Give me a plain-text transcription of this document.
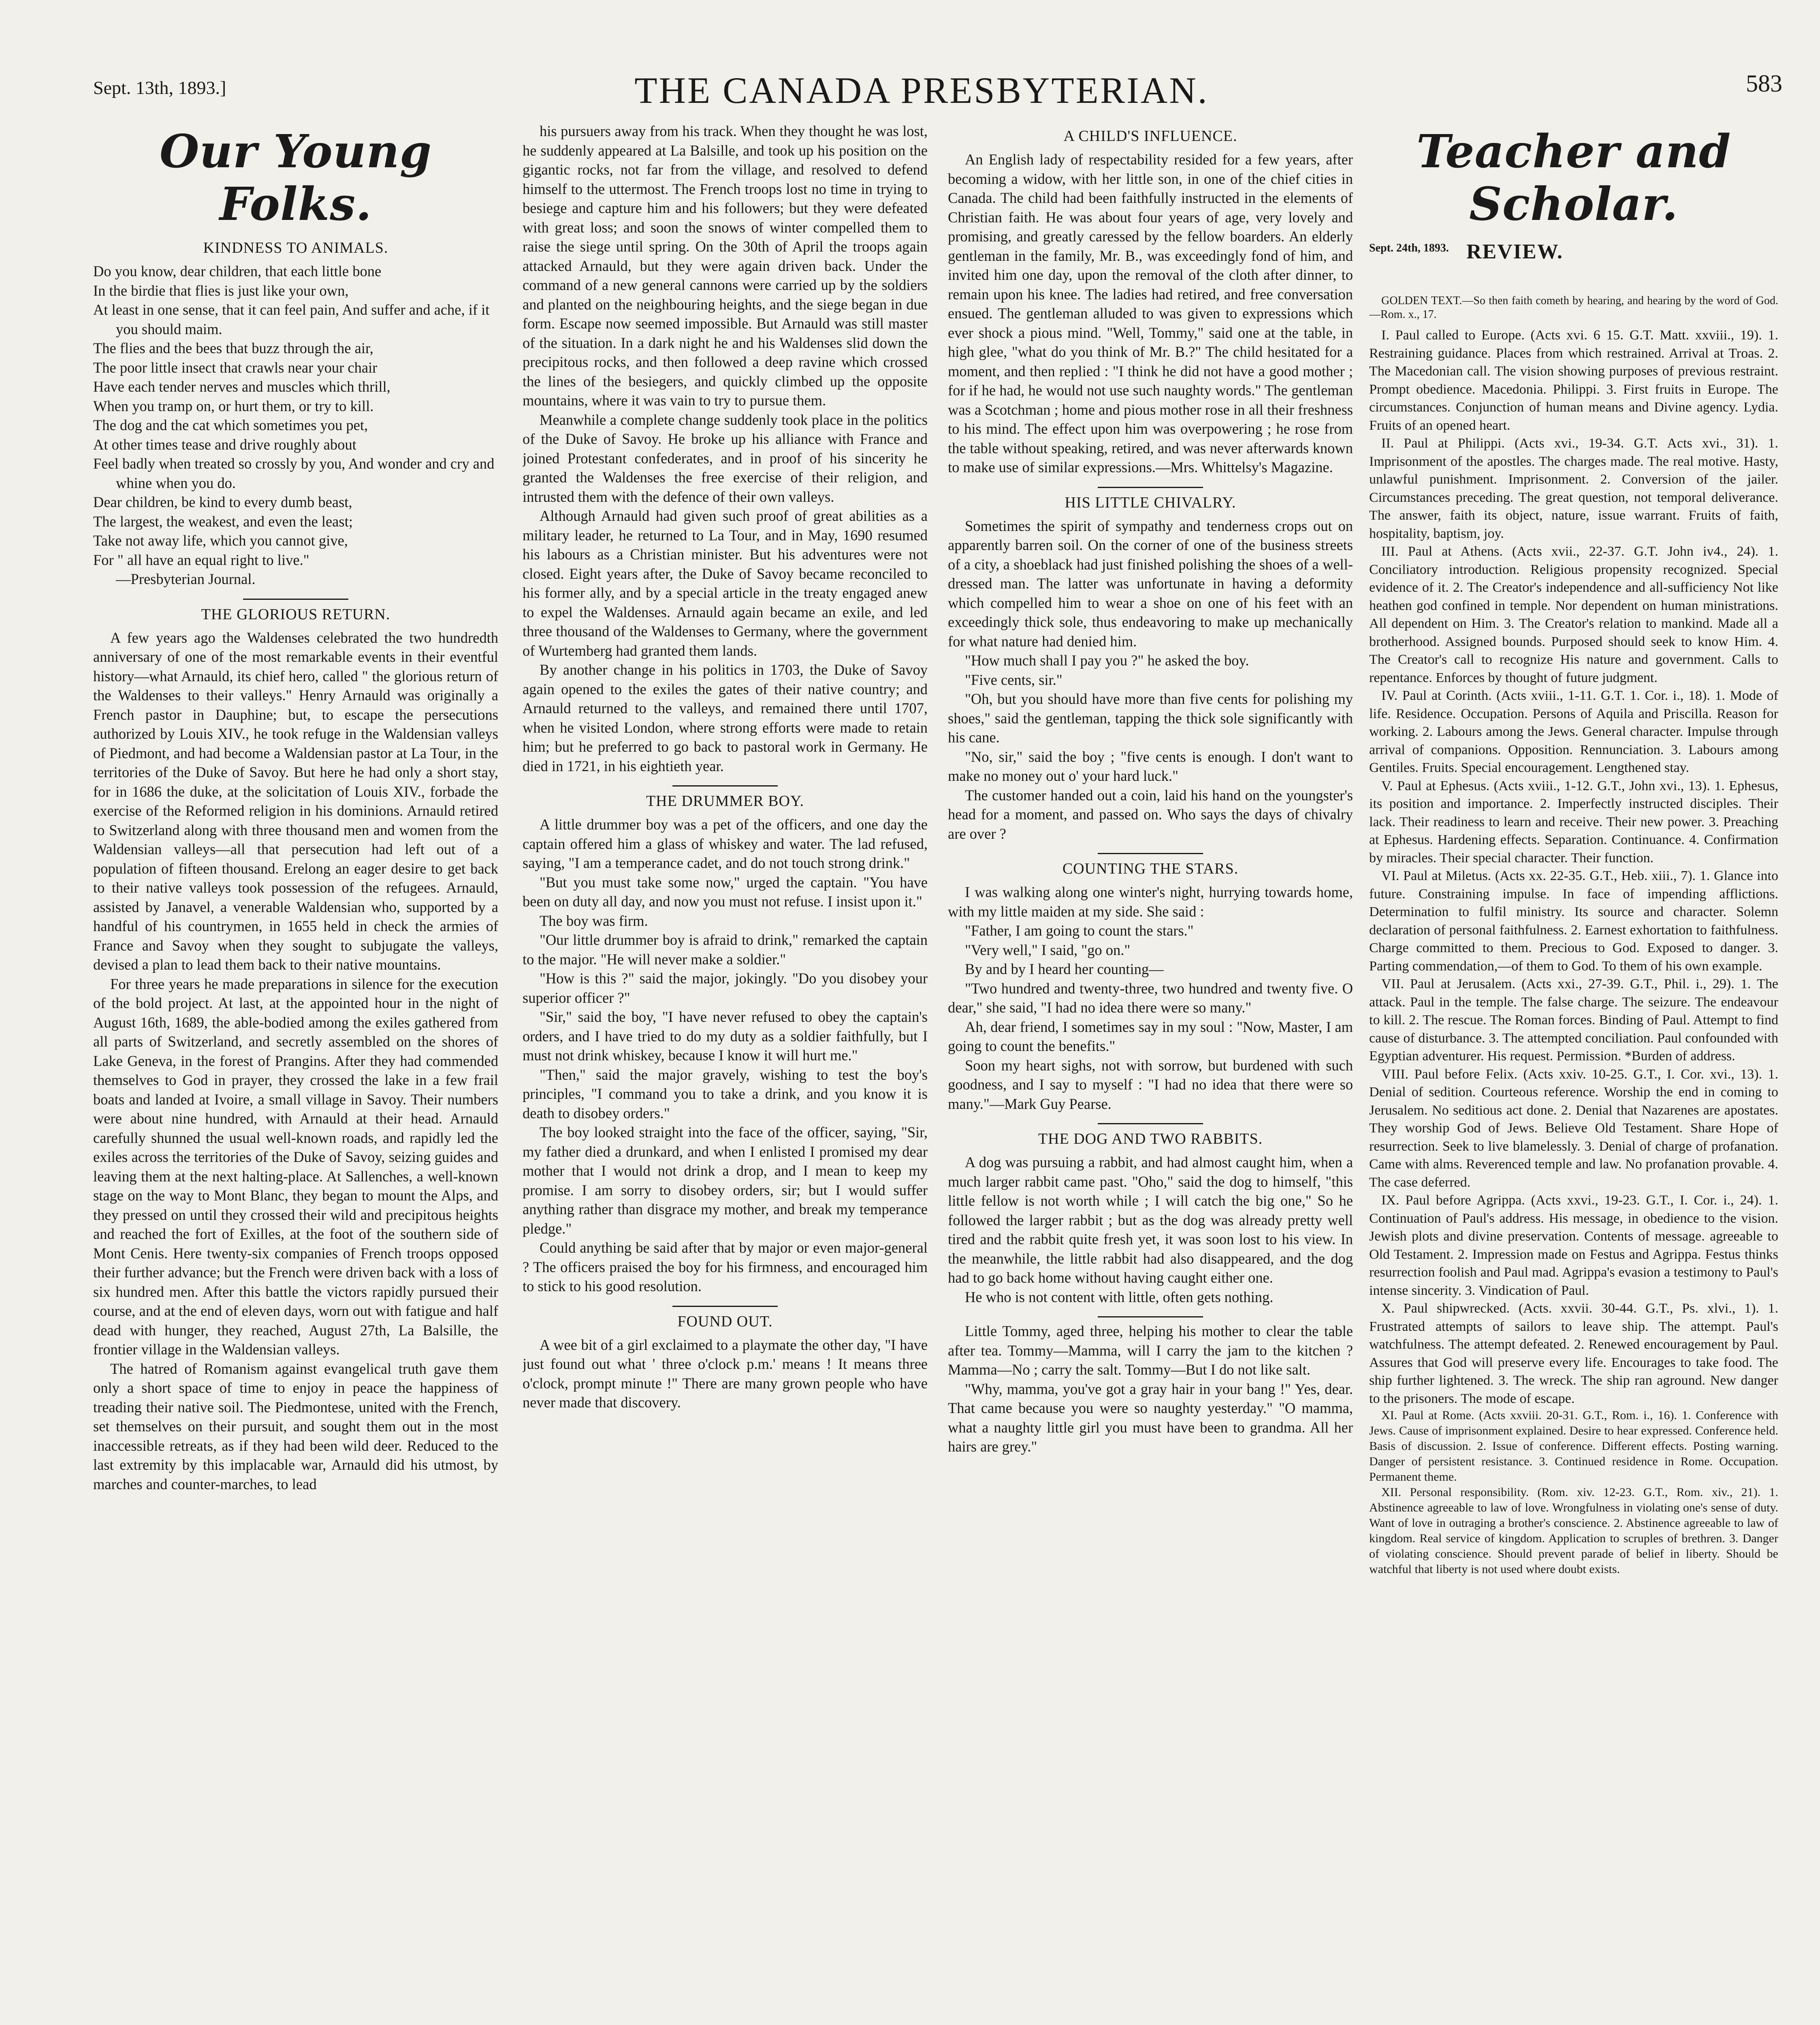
Sept. 13th, 1893.]	THE CANADA PRESBYTERIAN.	583
Our Young Folks.
KINDNESS TO ANIMALS.

Do you know, dear children, that each little bone

In the birdie that flies is just like your own,

At least in one sense, that it can feel pain, And suffer and ache, if it you should maim.

The flies and the bees that buzz through the air,

The poor little insect that crawls near your chair

Have each tender nerves and muscles which thrill,

When you tramp on, or hurt them, or try to kill.

The dog and the cat which sometimes you pet,

At other times tease and drive roughly about

Feel badly when treated so crossly by you, And wonder and cry and whine when you do.

Dear children, be kind to every dumb beast,

The largest, the weakest, and even the least;

Take not away life, which you cannot give,

For " all have an equal right to live."

—Presbyterian Journal.

THE GLORIOUS RETURN.

A few years ago the Waldenses celebrated the two hundredth anniversary of one of the most remarkable events in their eventful history—what Arnauld, its chief hero, called " the glorious return of the Waldenses to their valleys." Henry Arnauld was originally a French pastor in Dauphine; but, to escape the persecutions authorized by Louis XIV., he took refuge in the Waldensian valleys of Piedmont, and had become a Waldensian pastor at La Tour, in the territories of the Duke of Savoy. But here he had only a short stay, for in 1686 the duke, at the solicitation of Louis XIV., forbade the exercise of the Reformed religion in his dominions. Arnauld retired to Switzerland along with three thousand men and women from the Waldensian valleys—all that persecution had left out of a population of fifteen thousand. Erelong an eager desire to get back to their native valleys took possession of the refugees. Arnauld, assisted by Janavel, a venerable Waldensian who, supported by a handful of his countrymen, in 1655 held in check the armies of France and Savoy when they sought to subjugate the valleys, devised a plan to lead them back to their native mountains.

For three years he made preparations in silence for the execution of the bold project. At last, at the appointed hour in the night of August 16th, 1689, the able-bodied among the exiles gathered from all parts of Switzerland, and secretly assembled on the shores of Lake Geneva, in the forest of Prangins. After they had commended themselves to God in prayer, they crossed the lake in a few frail boats and landed at Ivoire, a small village in Savoy. Their numbers were about nine hundred, with Arnauld at their head. Arnauld carefully shunned the usual well-known roads, and rapidly led the exiles across the territories of the Duke of Savoy, seizing guides and leaving them at the next halting-place. At Sallenches, a well-known stage on the way to Mont Blanc, they began to mount the Alps, and they pressed on until they crossed their wild and precipitous heights and reached the fort of Exilles, at the foot of the southern side of Mont Cenis. Here twenty-six companies of French troops opposed their further advance; but the French were driven back with a loss of six hundred men. After this battle the victors rapidly pursued their course, and at the end of eleven days, worn out with fatigue and half dead with hunger, they reached, August 27th, La Balsille, the frontier village in the Waldensian valleys.

The hatred of Romanism against evangelical truth gave them only a short space of time to enjoy in peace the happiness of treading their native soil. The Piedmontese, united with the French, set themselves on their pursuit, and sought them out in the most inaccessible retreats, as if they had been wild deer. Reduced to the last extremity by this implacable war, Arnauld did his utmost, by marches and counter-marches, to lead

his pursuers away from his track. When they thought he was lost, he suddenly appeared at La Balsille, and took up his position on the gigantic rocks, not far from the village, and resolved to defend himself to the uttermost. The French troops lost no time in trying to besiege and capture him and his followers; but they were defeated with great loss; and soon the snows of winter compelled them to raise the siege until spring. On the 30th of April the troops again attacked Arnauld, but they were again driven back. Under the command of a new general cannons were carried up by the soldiers and planted on the neighbouring heights, and the siege began in due form. Escape now seemed impossible. But Arnauld was still master of the situation. In a dark night he and his Waldenses slid down the precipitous rocks, and then followed a deep ravine which crossed the lines of the besiegers, and quickly climbed up the opposite mountains, where it was vain to try to pursue them.

Meanwhile a complete change suddenly took place in the politics of the Duke of Savoy. He broke up his alliance with France and joined Protestant confederates, and in proof of his sincerity he granted the Waldenses the free exercise of their religion, and intrusted them with the defence of their own valleys.

Although Arnauld had given such proof of great abilities as a military leader, he returned to La Tour, and in May, 1690 resumed his labours as a Christian minister. But his adventures were not closed. Eight years after, the Duke of Savoy became reconciled to his former ally, and by a special article in the treaty engaged anew to expel the Waldenses. Arnauld again became an exile, and led three thousand of the Waldenses to Germany, where the government of Wurtemberg had granted them lands.

By another change in his politics in 1703, the Duke of Savoy again opened to the exiles the gates of their native country; and Arnauld returned to the valleys, and remained there until 1707, when he visited London, where strong efforts were made to retain him; but he preferred to go back to pastoral work in Germany. He died in 1721, in his eightieth year.

THE DRUMMER BOY.

A little drummer boy was a pet of the officers, and one day the captain offered him a glass of whiskey and water. The lad refused, saying, "I am a temperance cadet, and do not touch strong drink."

"But you must take some now," urged the captain. "You have been on duty all day, and now you must not refuse. I insist upon it."

The boy was firm.

"Our little drummer boy is afraid to drink," remarked the captain to the major. "He will never make a soldier."

"How is this ?" said the major, jokingly. "Do you disobey your superior officer ?"

"Sir," said the boy, "I have never refused to obey the captain's orders, and I have tried to do my duty as a soldier faithfully, but I must not drink whiskey, because I know it will hurt me."

"Then," said the major gravely, wishing to test the boy's principles, "I command you to take a drink, and you know it is death to disobey orders."

The boy looked straight into the face of the officer, saying, "Sir, my father died a drunkard, and when I enlisted I promised my dear mother that I would not drink a drop, and I mean to keep my promise. I am sorry to disobey orders, sir; but I would suffer anything rather than disgrace my mother, and break my temperance pledge."

Could anything be said after that by major or even major-general ? The officers praised the boy for his firmness, and encouraged him to stick to his good resolution.

FOUND OUT.

A wee bit of a girl exclaimed to a playmate the other day, "I have just found out what ' three o'clock p.m.' means ! It means three o'clock, prompt minute !" There are many grown people who have never made that discovery.

A CHILD'S INFLUENCE.

An English lady of respectability resided for a few years, after becoming a widow, with her little son, in one of the chief cities in Canada. The child had been faithfully instructed in the elements of Christian faith. He was about four years of age, very lovely and promising, and greatly caressed by the fellow boarders. An elderly gentleman in the family, Mr. B., was exceedingly fond of him, and invited him one day, upon the removal of the cloth after dinner, to remain upon his knee. The ladies had retired, and free conversation ensued. The gentleman alluded to was given to expressions which ever shock a pious mind. "Well, Tommy," said one at the table, in high glee, "what do you think of Mr. B.?" The child hesitated for a moment, and then replied : "I think he did not have a good mother ; for if he had, he would not use such naughty words." The gentleman was a Scotchman ; home and pious mother rose in all their freshness to his mind. The effect upon him was overpowering ; he rose from the table without speaking, retired, and was never afterwards known to make use of similar expressions.—Mrs. Whittelsy's Magazine.

HIS LITTLE CHIVALRY.

Sometimes the spirit of sympathy and tenderness crops out on apparently barren soil. On the corner of one of the business streets of a city, a shoeblack had just finished polishing the shoes of a well-dressed man. The latter was unfortunate in having a deformity which compelled him to wear a shoe on one of his feet with an exceedingly thick sole, thus endeavoring to make up mechanically for what nature had denied him.

"How much shall I pay you ?" he asked the boy.

"Five cents, sir."

"Oh, but you should have more than five cents for polishing my shoes," said the gentleman, tapping the thick sole significantly with his cane.

"No, sir," said the boy ; "five cents is enough. I don't want to make no money out o' your hard luck."

The customer handed out a coin, laid his hand on the youngster's head for a moment, and passed on. Who says the days of chivalry are over ?

COUNTING THE STARS.

I was walking along one winter's night, hurrying towards home, with my little maiden at my side. She said :

"Father, I am going to count the stars."

"Very well," I said, "go on."

By and by I heard her counting—

"Two hundred and twenty-three, two hundred and twenty five. O dear," she said, "I had no idea there were so many."

Ah, dear friend, I sometimes say in my soul : "Now, Master, I am going to count the benefits."

Soon my heart sighs, not with sorrow, but burdened with such goodness, and I say to myself : "I had no idea that there were so many."—Mark Guy Pearse.

THE DOG AND TWO RABBITS.

A dog was pursuing a rabbit, and had almost caught him, when a much larger rabbit came past. "Oho," said the dog to himself, "this little fellow is not worth while ; I will catch the big one," So he followed the larger rabbit ; but as the dog was already pretty well tired and the rabbit quite fresh yet, it was soon lost to his view. In the meanwhile, the little rabbit had also disappeared, and the dog had to go back home without having caught either one.

He who is not content with little, often gets nothing.

Little Tommy, aged three, helping his mother to clear the table after tea. Tommy—Mamma, will I carry the jam to the kitchen ? Mamma—No ; carry the salt. Tommy—But I do not like salt.

"Why, mamma, you've got a gray hair in your bang !" Yes, dear. That came because you were so naughty yesterday." "O mamma, what a naughty little girl you must have been to grandma. All her hairs are grey."

Teacher and Scholar.
Sept. 24th, 1893. REVIEW.

GOLDEN TEXT.—So then faith cometh by hearing, and hearing by the word of God.—Rom. x., 17.

I. Paul called to Europe. (Acts xvi. 6 15. G.T. Matt. xxviii., 19). 1. Restraining guidance. Places from which restrained. Arrival at Troas. 2. The Macedonian call. The vision showing purposes of previous restraint. Prompt obedience. Macedonia. Philippi. 3. First fruits in Europe. The circumstances. Conjunction of human means and Divine agency. Lydia. Fruits of an opened heart.

II. Paul at Philippi. (Acts xvi., 19-34. G.T. Acts xvi., 31). 1. Imprisonment of the apostles. The charges made. The real motive. Hasty, unlawful punishment. Imprisonment. 2. Conversion of the jailer. Circumstances preceding. The great question, not temporal deliverance. The answer, faith its object, nature, issue warrant. Fruits of faith, hospitality, baptism, joy.

III. Paul at Athens. (Acts xvii., 22-37. G.T. John iv4., 24). 1. Conciliatory introduction. Religious propensity recognized. Special evidence of it. 2. The Creator's independence and all-sufficiency Not like heathen god confined in temple. Nor dependent on human ministrations. All dependent on Him. 3. The Creator's relation to mankind. Made all a brotherhood. Assigned bounds. Purposed should seek to know Him. 4. The Creator's call to recognize His nature and government. Calls to repentance. Enforces by thought of future judgment.

IV. Paul at Corinth. (Acts xviii., 1-11. G.T. 1. Cor. i., 18). 1. Mode of life. Residence. Occupation. Persons of Aquila and Priscilla. Reason for working. 2. Labours among the Jews. General character. Impulse through arrival of companions. Opposition. Rennunciation. 3. Labours among Gentiles. Fruits. Special encouragement. Lengthened stay.

V. Paul at Ephesus. (Acts xviii., 1-12. G.T., John xvi., 13). 1. Ephesus, its position and importance. 2. Imperfectly instructed disciples. Their lack. Their readiness to learn and receive. Their new power. 3. Preaching at Ephesus. Hardening effects. Separation. Continuance. 4. Confirmation by miracles. Their special character. Their function.

VI. Paul at Miletus. (Acts xx. 22-35. G.T., Heb. xiii., 7). 1. Glance into future. Constraining impulse. In face of impending afflictions. Determination to fulfil ministry. Its source and character. Solemn declaration of personal faithfulness. 2. Earnest exhortation to faithfulness. Charge committed to them. Precious to God. Exposed to danger. 3. Parting commendation,—of them to God. To them of his own example.

VII. Paul at Jerusalem. (Acts xxi., 27-39. G.T., Phil. i., 29). 1. The attack. Paul in the temple. The false charge. The seizure. The endeavour to kill. 2. The rescue. The Roman forces. Binding of Paul. Attempt to find cause of disturbance. 3. The attempted conciliation. Paul confounded with Egyptian adventurer. His request. Permission. *Burden of address.

VIII. Paul before Felix. (Acts xxiv. 10-25. G.T., I. Cor. xvi., 13). 1. Denial of sedition. Courteous reference. Worship the end in coming to Jerusalem. No seditious act done. 2. Denial that Nazarenes are apostates. They worship God of Jews. Believe Old Testament. Share Hope of resurrection. Seek to live blamelessly. 3. Denial of charge of profanation. Came with alms. Reverenced temple and law. No profanation provable. 4. The case deferred.

IX. Paul before Agrippa. (Acts xxvi., 19-23. G.T., I. Cor. i., 24). 1. Continuation of Paul's address. His message, in obedience to the vision. Jewish plots and divine preservation. Contents of message. agreeable to Old Testament. 2. Impression made on Festus and Agrippa. Festus thinks resurrection foolish and Paul mad. Agrippa's evasion a testimony to Paul's intense sincerity. 3. Vindication of Paul.

X. Paul shipwrecked. (Acts. xxvii. 30-44. G.T., Ps. xlvi., 1). 1. Frustrated attempts of sailors to leave ship. The attempt. Paul's watchfulness. The attempt defeated. 2. Renewed encouragement by Paul. Assures that God will preserve every life. Encourages to take food. The ship further lightened. 3. The wreck. The ship ran aground. New danger to the prisoners. The mode of escape.

XI. Paul at Rome. (Acts xxviii. 20-31. G.T., Rom. i., 16). 1. Conference with Jews. Cause of imprisonment explained. Desire to hear expressed. Conference held. Basis of discussion. 2. Issue of conference. Different effects. Posting warning. Danger of persistent resistance. 3. Continued residence in Rome. Occupation. Permanent theme.

XII. Personal responsibility. (Rom. xiv. 12-23. G.T., Rom. xiv., 21). 1. Abstinence agreeable to law of love. Wrongfulness in violating one's sense of duty. Want of love in outraging a brother's conscience. 2. Abstinence agreeable to law of kingdom. Real service of kingdom. Application to scruples of brethren. 3. Danger of violating conscience. Should prevent parade of belief in liberty. Should be watchful that liberty is not used where doubt exists.
